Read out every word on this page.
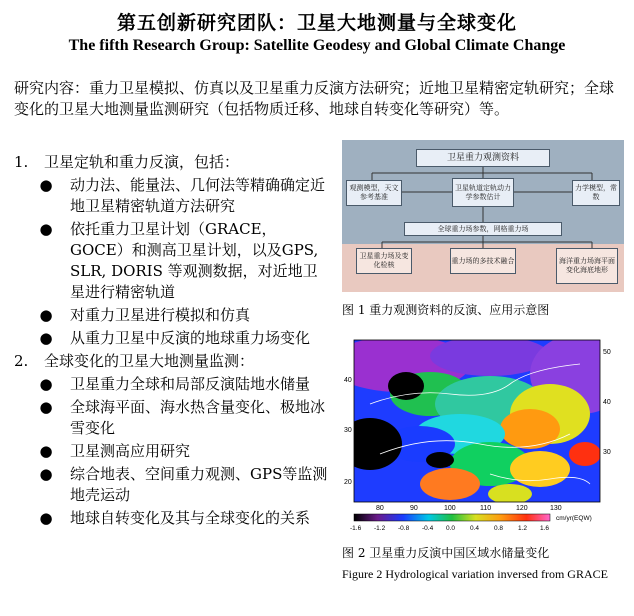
第五创新研究团队：卫星大地测量与全球变化
The fifth Research Group: Satellite Geodesy and Global Climate Change
研究内容：重力卫星模拟、仿真以及卫星重力反演方法研究；近地卫星精密定轨研究；全球变化的卫星大地测量监测研究（包括物质迁移、地球自转变化等研究）等。
1.	卫星定轨和重力反演，包括：
●	动力法、能量法、几何法等精确确定近地卫星精密轨道方法研究
●	依托重力卫星计划（GRACE，GOCE）和测高卫星计划，以及GPS, SLR, DORIS 等观测数据，对近地卫星进行精密轨道
●	对重力卫星进行模拟和仿真
●	从重力卫星中反演的地球重力场变化
2.	全球变化的卫星大地测量监测：
●	卫星重力全球和局部反演陆地水储量
●	全球海平面、海水热含量变化、极地冰雪变化
●	卫星测高应用研究
●	综合地表、空间重力观测、GPS等监测地壳运动
●	地球自转变化及其与全球变化的关系
卫星重力观测资料
观测模型，天文参考基准
卫星轨道定轨动力学参数估计
力学模型，常数
全球重力场参数，网格重力场
卫星重力场及变化检核
重力场的多技术融合	海洋重力场海平面变化海底地形
图 1 重力观测资料的反演、应用示意图
40
30
50
40
30
20
80	90	100	110	120	130
-1.6 -1.2 -0.8 -0.4 0.0 0.4 0.8 1.2 1.6
cm/yr(EQW)
图 2 卫星重力反演中国区域水储量变化
Figure 2 Hydrological variation inversed from GRACE
